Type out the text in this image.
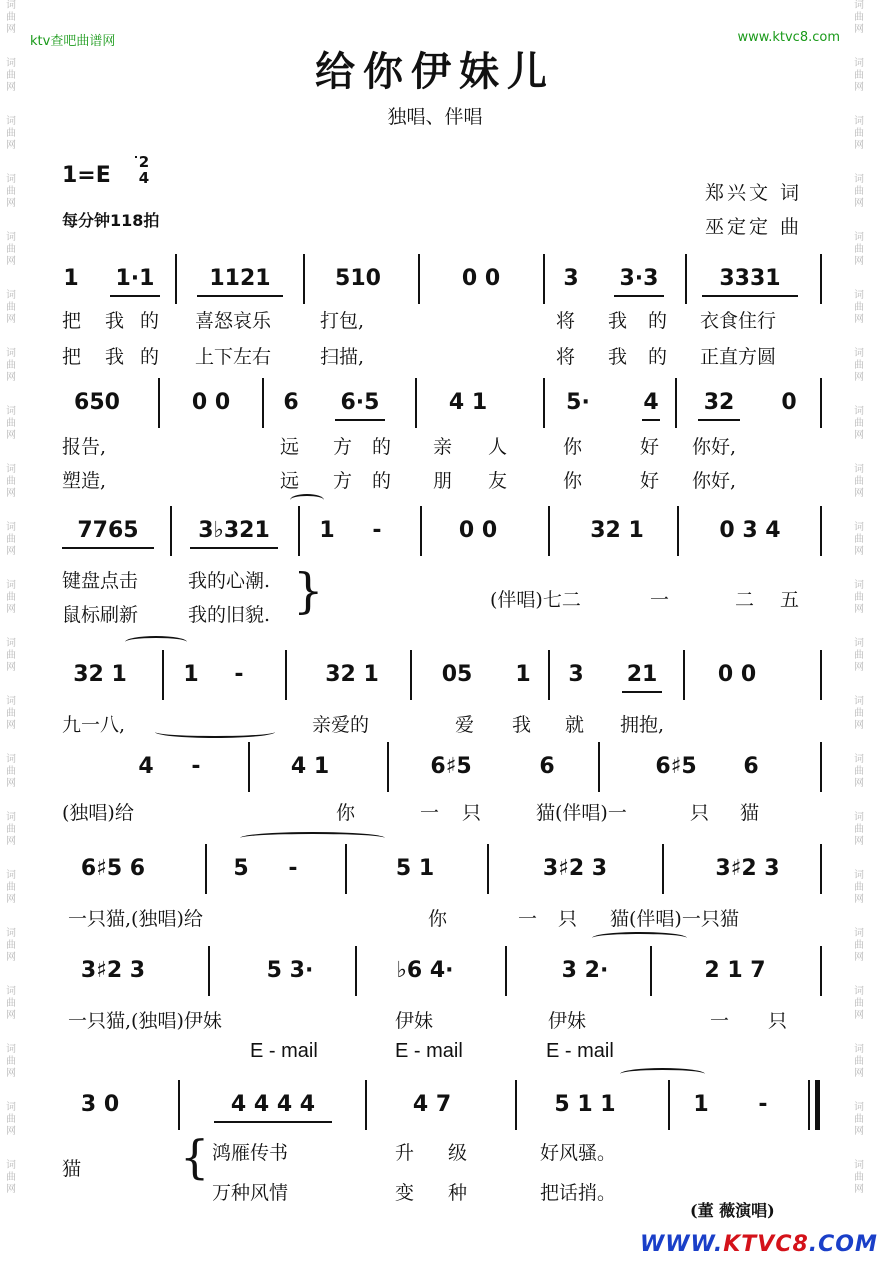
词曲网
词曲网
词曲网
词曲网
词曲网
词曲网
词曲网
词曲网
词曲网
词曲网
词曲网
词曲网
词曲网
词曲网
词曲网
词曲网
词曲网
词曲网
词曲网
词曲网
词曲网
词曲网
词曲网
词曲网
词曲网
词曲网
词曲网
词曲网
词曲网
词曲网
词曲网
词曲网
词曲网
词曲网
词曲网
词曲网
词曲网
词曲网
词曲网
词曲网
词曲网
词曲网
ktv查吧曲谱网	www.ktvc8.com
给你伊妹儿
独唱、伴唱
1=E
2
4
每分钟118拍
郑兴文 词
巫定定 曲
1	1·1	1121	510	0 0	3	3·3	3331
把 我 的 喜怒哀乐	打包,	将 我 的 衣食住行
把 我 的 上下左右	扫描,	将 我 的 正直方圆
650	0 0	6	6·5	4 1	5· 4	32	0
报告,	远 方 的 亲 人	你	好 你好,
塑造,	远 方 的 朋 友	你	好 你好,
7765	3♭321	1 -	0 0	32 1	0 3 4
键盘点击	我的心潮.
鼠标刷新	我的旧貌. }	(伴唱)七二	一	二 五
32 1	1 -	32 1	05	1 3	21	0 0
九一八,	亲爱的	爱 我 就 拥抱,
4 -	4 1	6♯5	6	6♯5	6
(独唱)给	你	一 只	猫(伴唱)一	只 猫
6♯5 6	5 -	5 1	3♯2 3	3♯2 3
一只猫,(独唱)给	你	一 只 猫(伴唱)一只猫
3♯2 3	5 3·	♭6 4·	3 2·	2 1 7
一只猫,(独唱)伊妹	伊妹	伊妹	一 只
E - mail	E - mail	E - mail
3 0	4 4 4 4	4 7	5 1 1	1 -
猫 { 鸿雁传书	升 级	好风骚。
万种风情	变 种	把话捎。
(董 薇演唱)
WWW.KTVC8.COM
